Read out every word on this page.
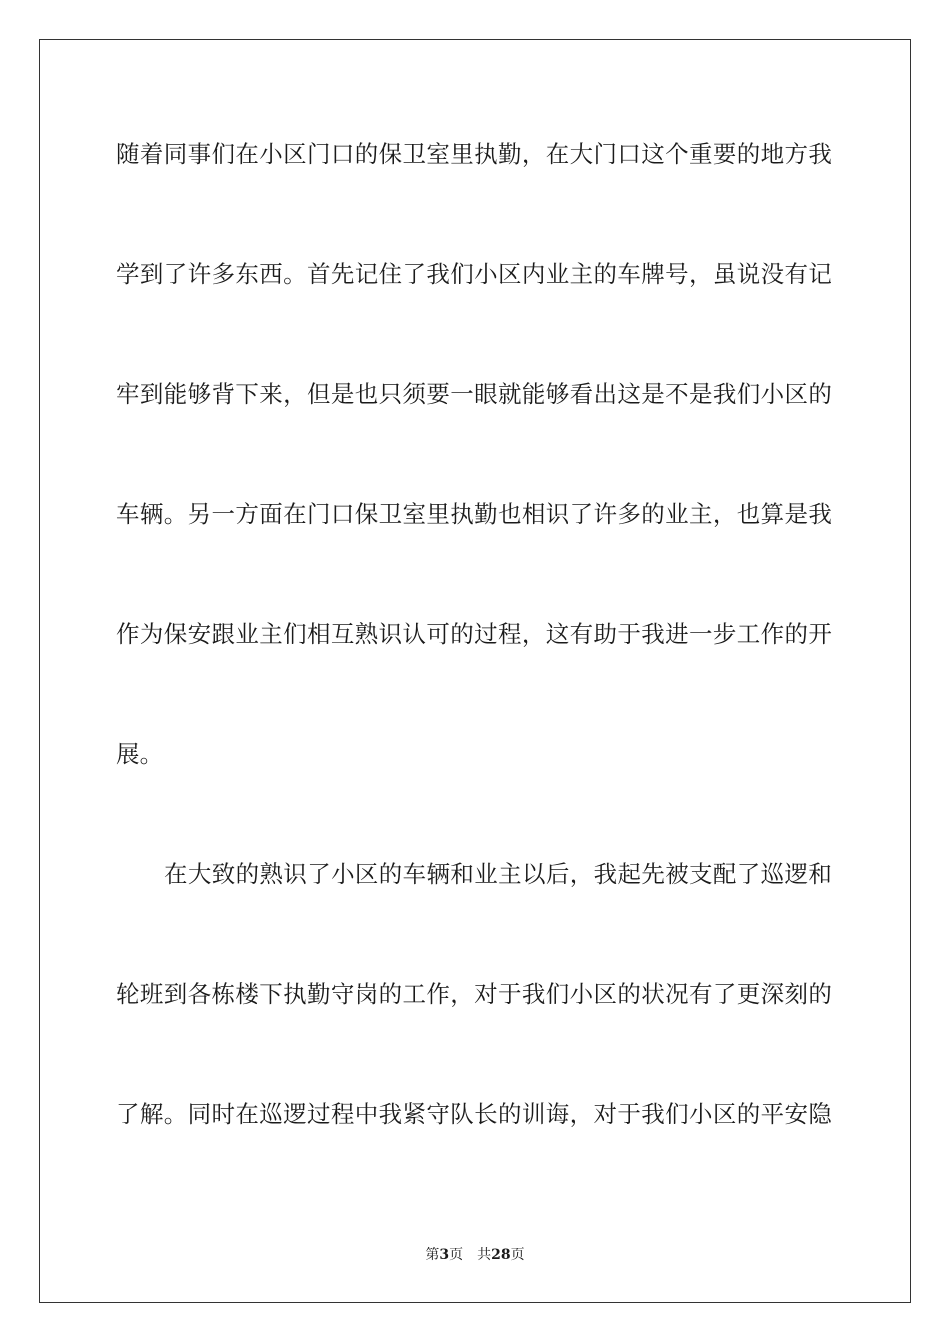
随着同事们在小区门口的保卫室里执勤，在大门口这个重要的地方我
学到了许多东西。首先记住了我们小区内业主的车牌号，虽说没有记
牢到能够背下来，但是也只须要一眼就能够看出这是不是我们小区的
车辆。另一方面在门口保卫室里执勤也相识了许多的业主，也算是我
作为保安跟业主们相互熟识认可的过程，这有助于我进一步工作的开
展。
在大致的熟识了小区的车辆和业主以后，我起先被支配了巡逻和
轮班到各栋楼下执勤守岗的工作，对于我们小区的状况有了更深刻的
了解。同时在巡逻过程中我紧守队长的训诲，对于我们小区的平安隐
第3页 共28页
